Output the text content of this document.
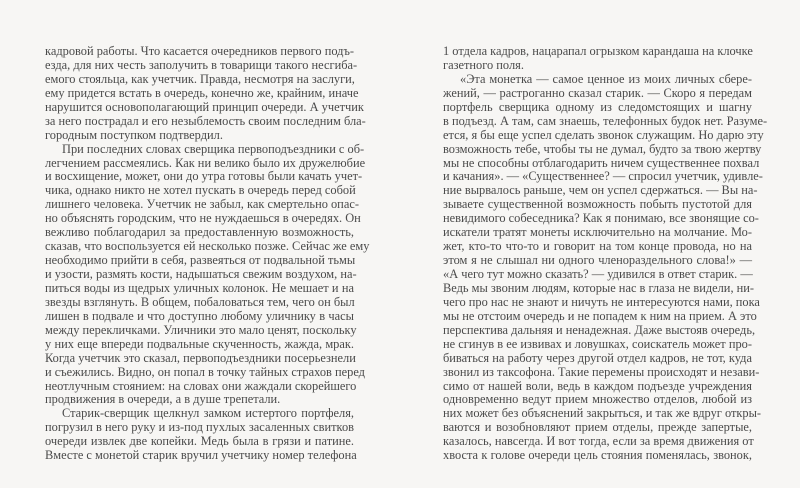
кадровой работы. Что касается очередников первого подъ-
езда, для них честь заполучить в товарищи такого несгиба-
емого стояльца, как учетчик. Правда, несмотря на заслуги,
ему придется встать в очередь, конечно же, крайним, иначе
нарушится основополагающий принцип очереди. А учетчик
за него пострадал и его незыблемость своим последним бла-
городным поступком подтвердил.
При последних словах сверщика первоподъездники с об-
легчением рассмеялись. Как ни велико было их дружелюбие
и восхищение, может, они до утра готовы были качать учет-
чика, однако никто не хотел пускать в очередь перед собой
лишнего человека. Учетчик не забыл, как смертельно опас-
но объяснять городским, что не нуждаешься в очередях. Он
вежливо поблагодарил за предоставленную возможность,
сказав, что воспользуется ей несколько позже. Сейчас же ему
необходимо прийти в себя, развеяться от подвальной тьмы
и узости, размять кости, надышаться свежим воздухом, на-
питься воды из щедрых уличных колонок. Не мешает и на
звезды взглянуть. В общем, побаловаться тем, чего он был
лишен в подвале и что доступно любому уличнику в часы
между перекличками. Уличники это мало ценят, поскольку
у них еще впереди подвальные скученность, жажда, мрак.
Когда учетчик это сказал, первоподъездники посерьезнели
и съежились. Видно, он попал в точку тайных страхов перед
неотлучным стоянием: на словах они жаждали скорейшего
продвижения в очереди, а в душе трепетали.
Старик-сверщик щелкнул замком истертого портфеля,
погрузил в него руку и из-под пухлых засаленных свитков
очереди извлек две копейки. Медь была в грязи и патине.
Вместе с монетой старик вручил учетчику номер телефона
1 отдела кадров, нацарапал огрызком карандаша на клочке
газетного поля.
«Эта монетка — самое ценное из моих личных сбере-
жений, — растроганно сказал старик. — Скоро я передам
портфель сверщика одному из следомстоящих и шагну
в подъезд. А там, сам знаешь, телефонных будок нет. Разуме-
ется, я бы еще успел сделать звонок служащим. Но дарю эту
возможность тебе, чтобы ты не думал, будто за твою жертву
мы не способны отблагодарить ничем существеннее похвал
и качания». — «Существеннее? — спросил учетчик, удивле-
ние вырвалось раньше, чем он успел сдержаться. — Вы на-
зываете существенной возможность побыть пустотой для
невидимого собеседника? Как я понимаю, все звонящие со-
искатели тратят монеты исключительно на молчание. Мо-
жет, кто-то что-то и говорит на том конце провода, но на
этом я не слышал ни одного членораздельного слова!» —
«А чего тут можно сказать? — удивился в ответ старик. —
Ведь мы звоним людям, которые нас в глаза не видели, ни-
чего про нас не знают и ничуть не интересуются нами, пока
мы не отстоим очередь и не попадем к ним на прием. А это
перспектива дальняя и ненадежная. Даже выстояв очередь,
не сгинув в ее извивах и ловушках, соискатель может про-
биваться на работу через другой отдел кадров, не тот, куда
звонил из таксофона. Такие перемены происходят и незави-
симо от нашей воли, ведь в каждом подъезде учреждения
одновременно ведут прием множество отделов, любой из
них может без объяснений закрыться, и так же вдруг откры-
ваются и возобновляют прием отделы, прежде запертые,
казалось, навсегда. И вот тогда, если за время движения от
хвоста к голове очереди цель стояния поменялась, звонок,
